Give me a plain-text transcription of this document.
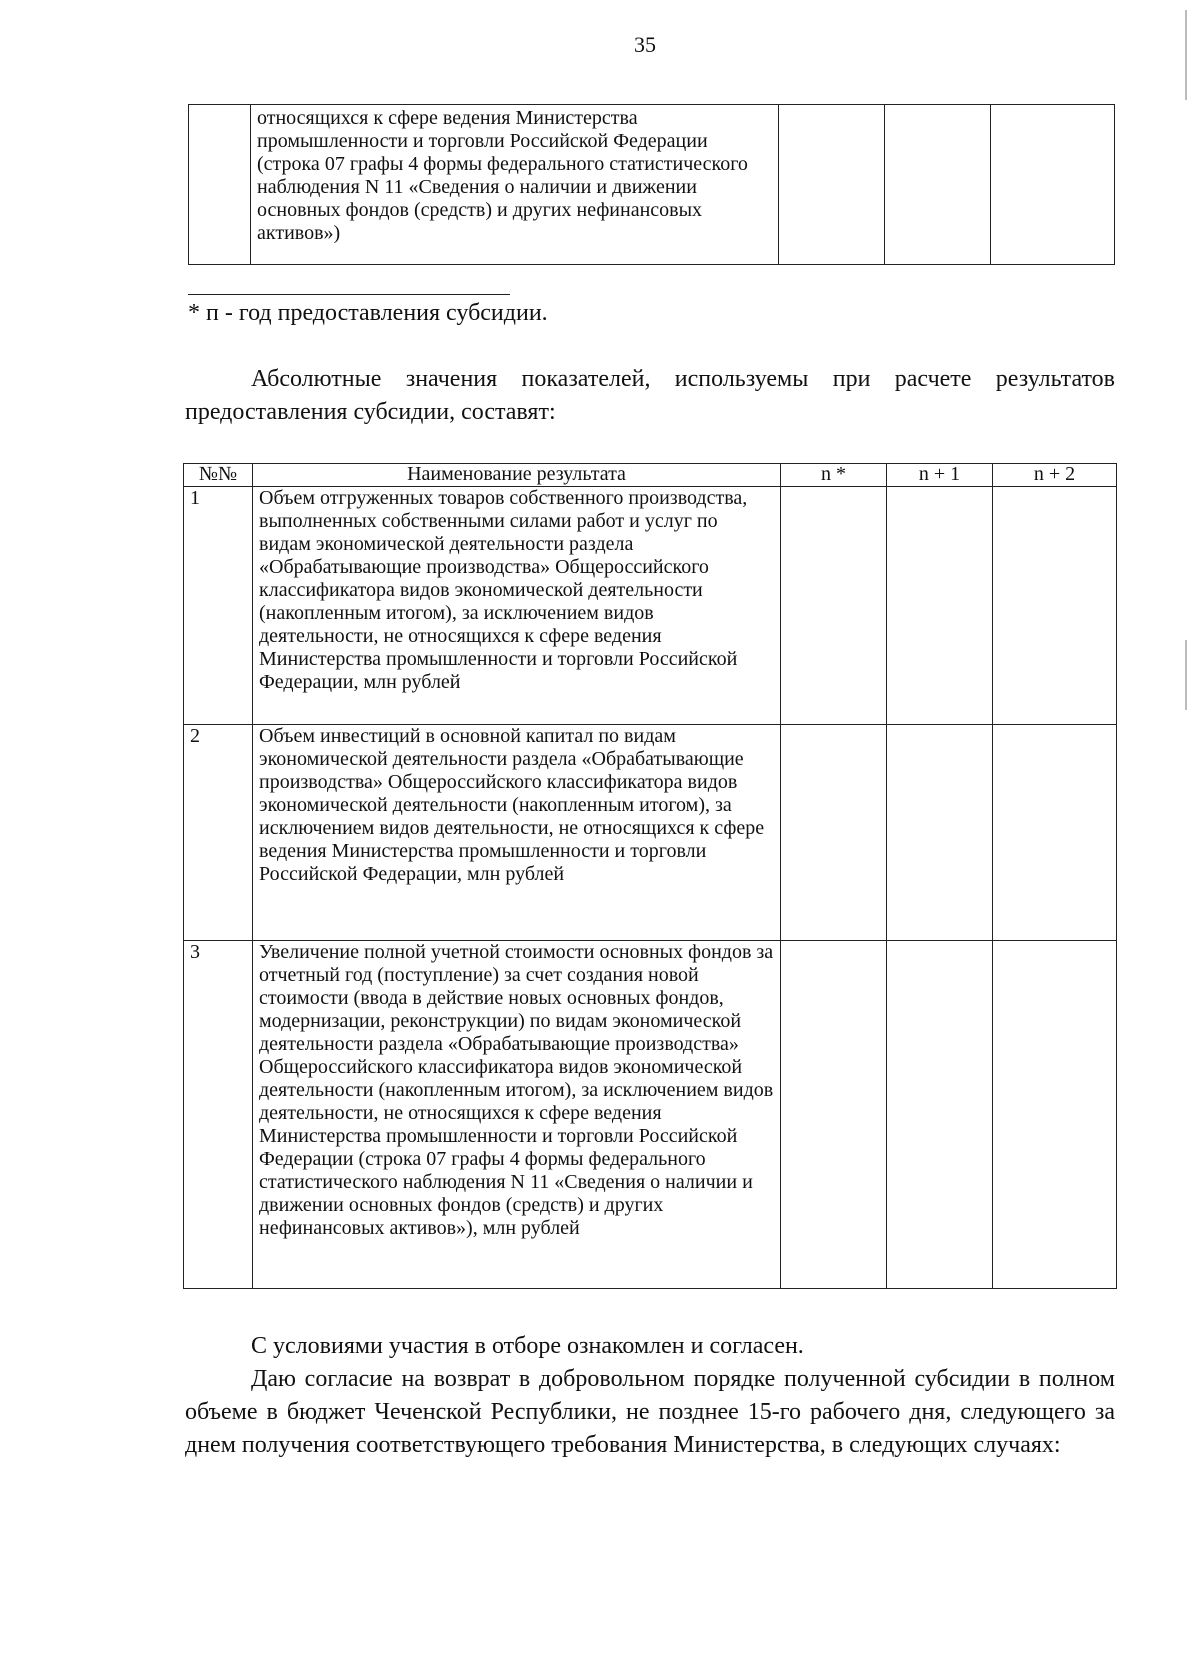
35
	относящихся к сфере ведения Министерства промышленности и торговли Российской Федерации (строка 07 графы 4 формы федерального статистического наблюдения N 11 «Сведения о наличии и движении основных фондов (средств) и других нефинансовых активов»)			
* п - год предоставления субсидии.
Абсолютные значения показателей, используемы при расчете результатов предоставления субсидии, составят:
№№	Наименование результата	n *	n + 1	n + 2
1	Объем отгруженных товаров собственного производства, выполненных собственными силами работ и услуг по видам экономической деятельности раздела «Обрабатывающие производства» Общероссийского классификатора видов экономической деятельности (накопленным итогом), за исключением видов деятельности, не относящихся к сфере ведения Министерства промышленности и торговли Российской Федерации, млн рублей			
2	Объем инвестиций в основной капитал по видам экономической деятельности раздела «Обрабатывающие производства» Общероссийского классификатора видов экономической деятельности (накопленным итогом), за исключением видов деятельности, не относящихся к сфере ведения Министерства промышленности и торговли Российской Федерации, млн рублей			
3	Увеличение полной учетной стоимости основных фондов за отчетный год (поступление) за счет создания новой стоимости (ввода в действие новых основных фондов, модернизации, реконструкции) по видам экономической деятельности раздела «Обрабатывающие производства» Общероссийского классификатора видов экономической деятельности (накопленным итогом), за исключением видов деятельности, не относящихся к сфере ведения Министерства промышленности и торговли Российской Федерации (строка 07 графы 4 формы федерального статистического наблюдения N 11 «Сведения о наличии и движении основных фондов (средств) и других нефинансовых активов»), млн рублей			
С условиями участия в отборе ознакомлен и согласен.
Даю согласие на возврат в добровольном порядке полученной субсидии в полном объеме в бюджет Чеченской Республики, не позднее 15-го рабочего дня, следующего за днем получения соответствующего требования Министерства, в следующих случаях:
